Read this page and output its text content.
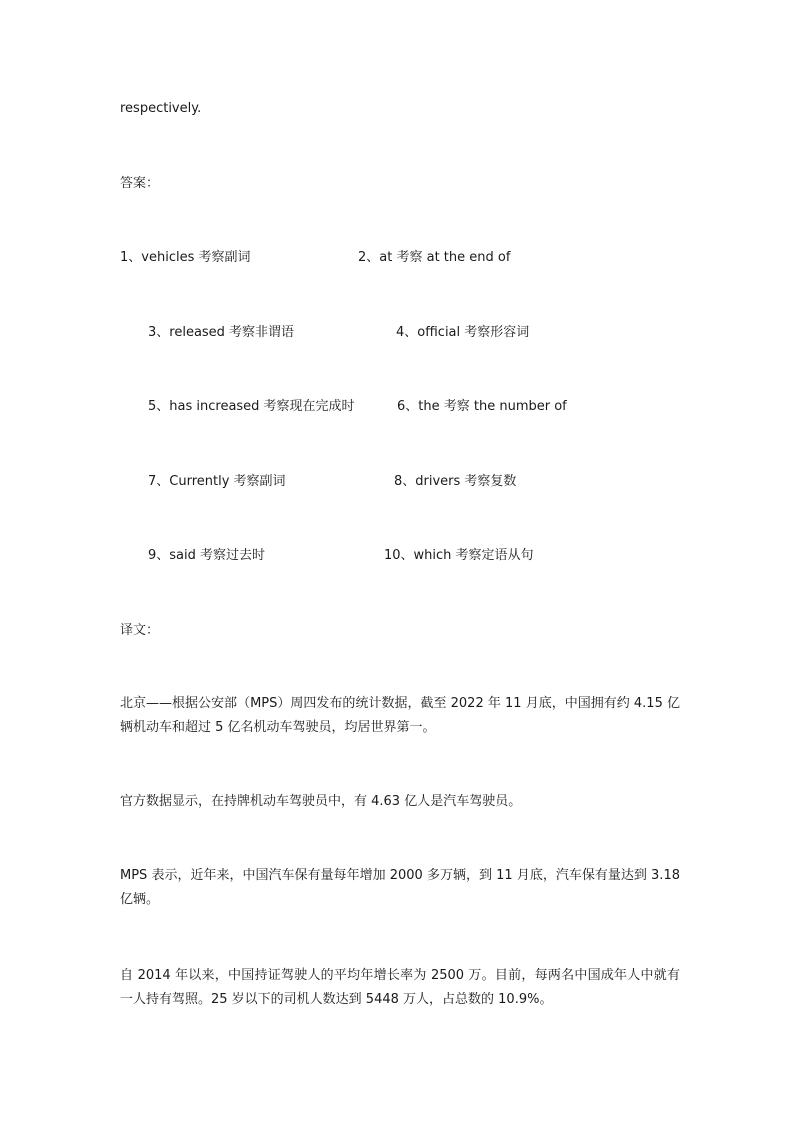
respectively.
答案：
1、vehicles 考察副词	2、at 考察 at the end of
3、released 考察非谓语	4、official 考察形容词
5、has increased 考察现在完成时	6、the 考察 the number of
7、Currently 考察副词	8、drivers 考察复数
9、said 考察过去时	10、which 考察定语从句
译文：
北京——根据公安部（MPS）周四发布的统计数据，截至 2022 年 11 月底，中国拥有约 4.15 亿辆机动车和超过 5 亿名机动车驾驶员，均居世界第一。
官方数据显示，在持牌机动车驾驶员中，有 4.63 亿人是汽车驾驶员。
MPS 表示，近年来，中国汽车保有量每年增加 2000 多万辆，到 11 月底，汽车保有量达到 3.18 亿辆。
自 2014 年以来，中国持证驾驶人的平均年增长率为 2500 万。目前，每两名中国成年人中就有一人持有驾照。25 岁以下的司机人数达到 5448 万人，占总数的 10.9%。
